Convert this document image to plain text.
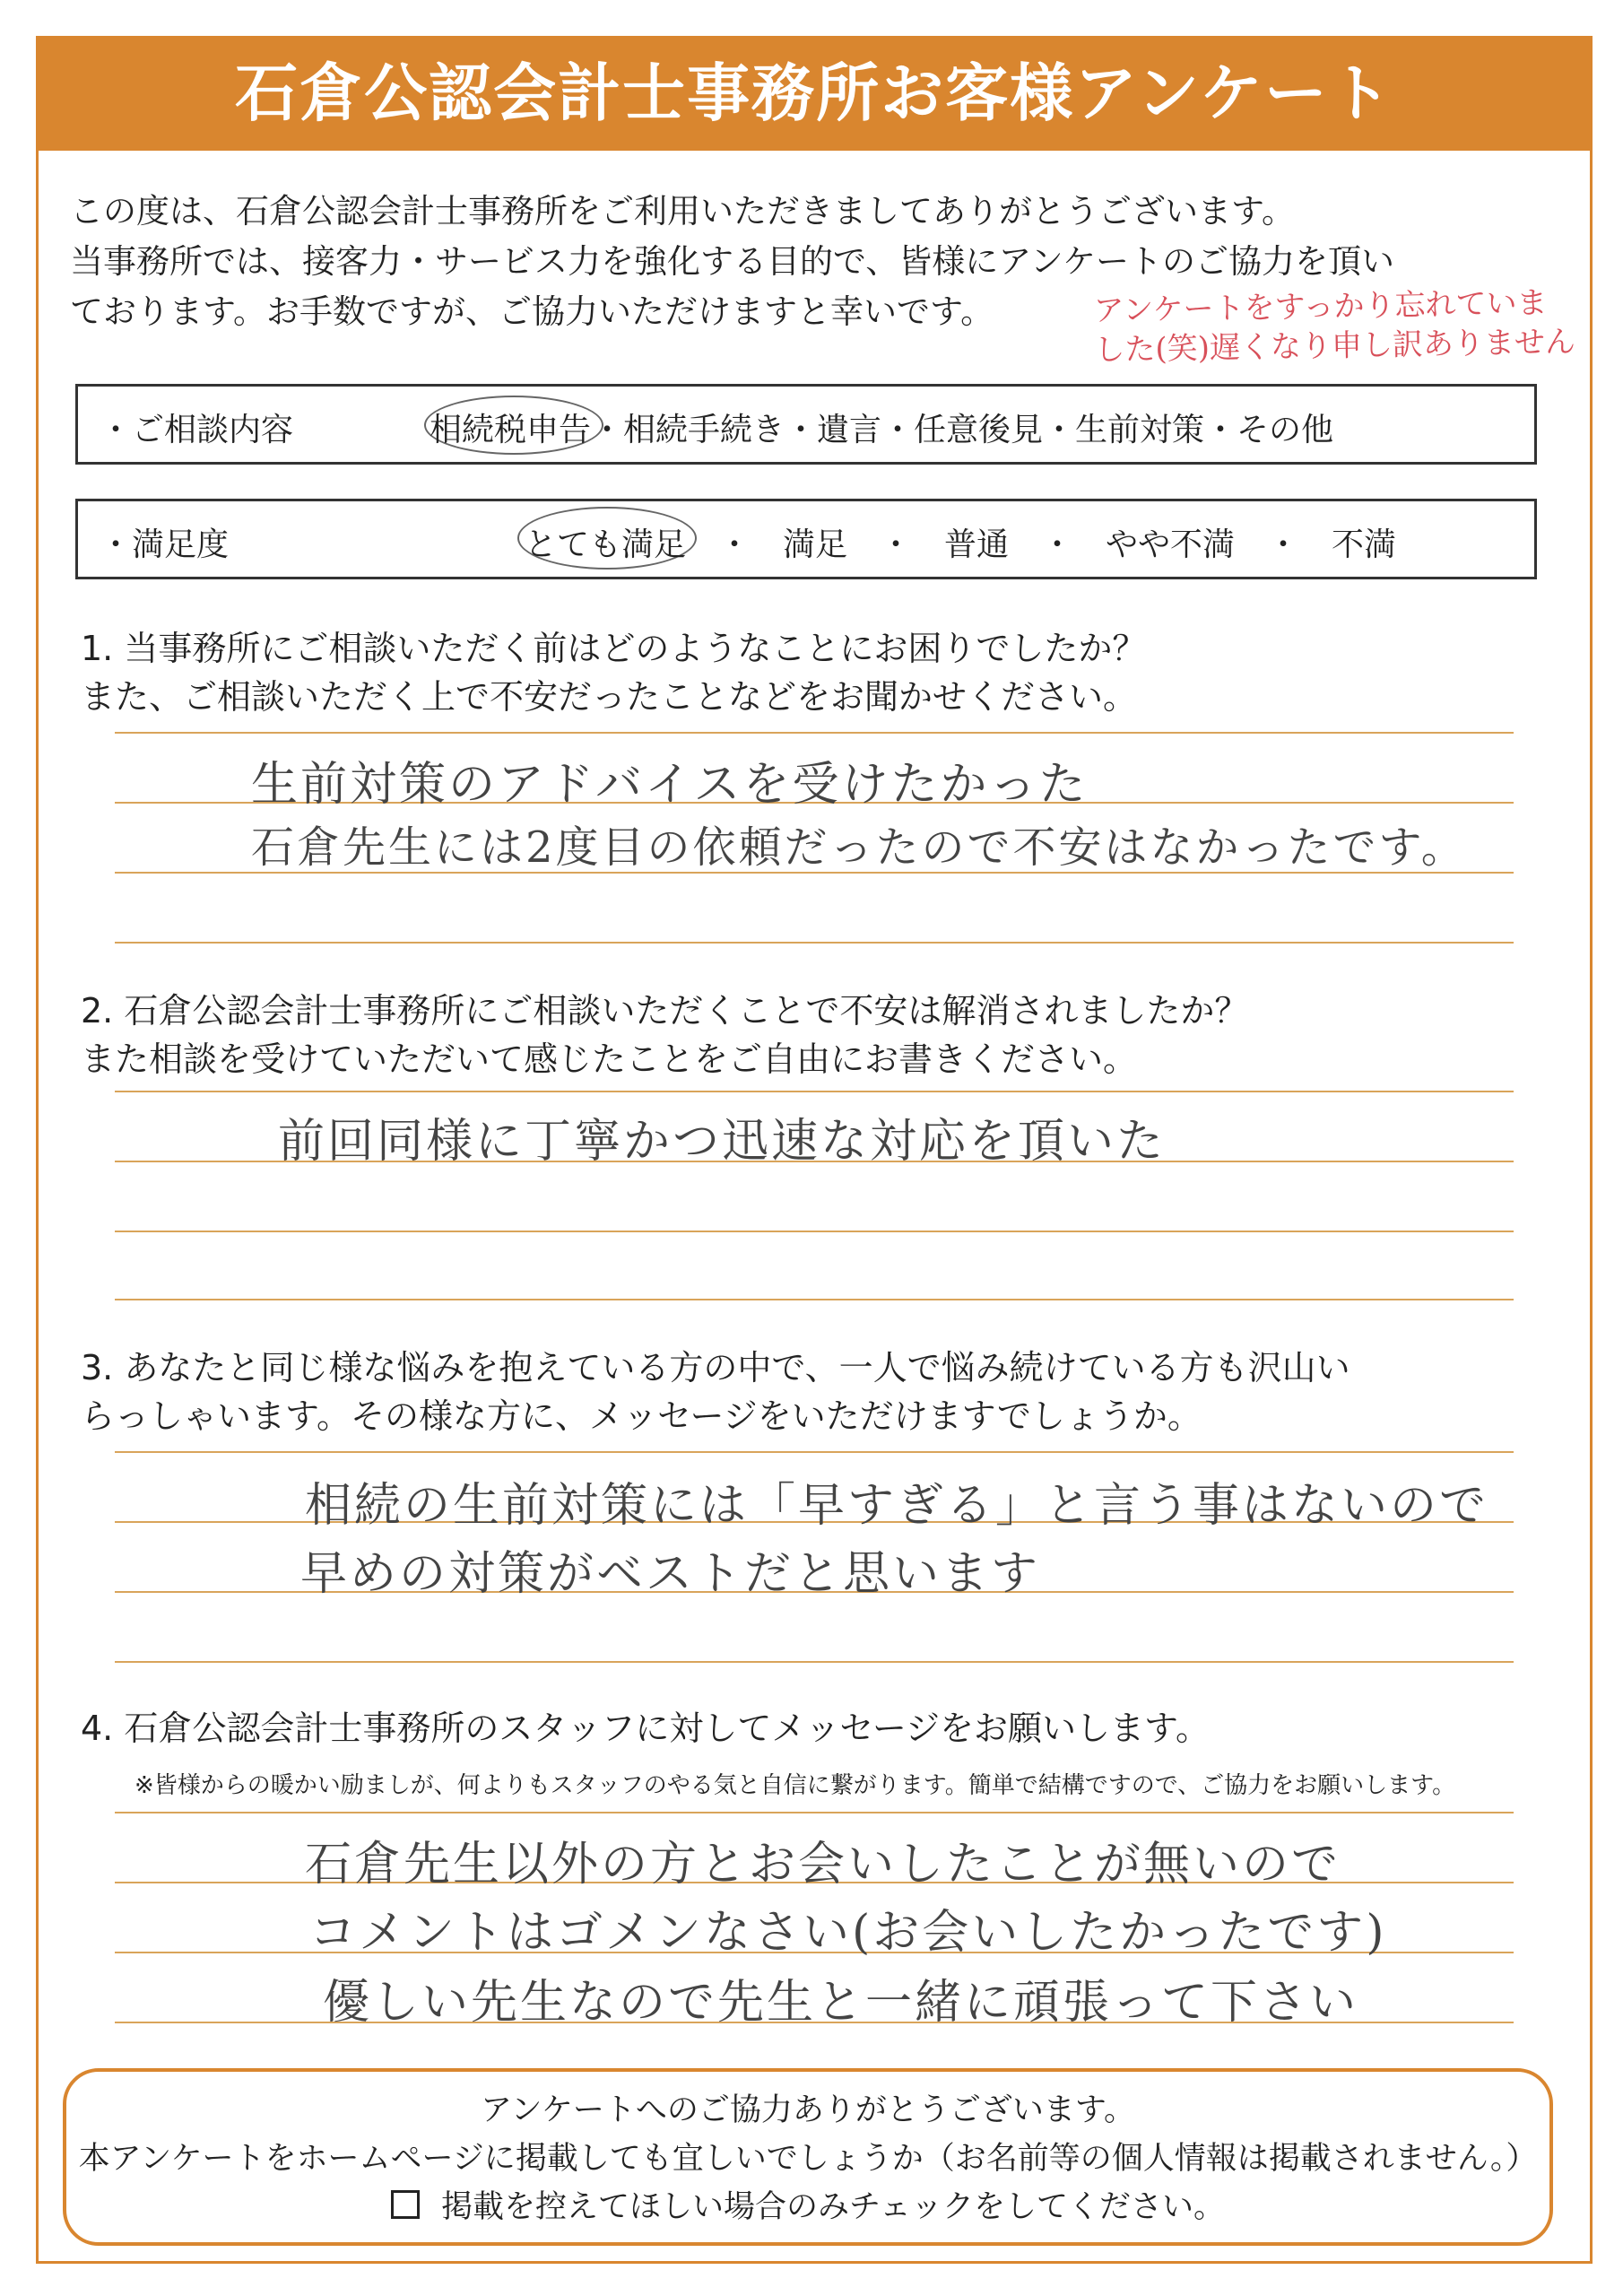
石倉公認会計士事務所お客様アンケート

この度は、石倉公認会計士事務所をご利用いただきましてありがとうございます。

当事務所では、接客力・サービス力を強化する目的で、皆様にアンケートのご協力を頂い

ております。お手数ですが、ご協力いただけますと幸いです。	アンケートをすっかり忘れていま
した(笑)遅くなり申し訳ありません
・ご相談内容	相続税申告・相続手続き・遺言・任意後見・生前対策・その他
・満足度	とても満足　・　満足　・　普通　・　やや不満　・　不満

1. 当事務所にご相談いただく前はどのようなことにお困りでしたか？

また、ご相談いただく上で不安だったことなどをお聞かせください。

生前対策のアドバイスを受けたかった
石倉先生には2度目の依頼だったので不安はなかったです。

2. 石倉公認会計士事務所にご相談いただくことで不安は解消されましたか？

また相談を受けていただいて感じたことをご自由にお書きください。

前回同様に丁寧かつ迅速な対応を頂いた

3. あなたと同じ様な悩みを抱えている方の中で、一人で悩み続けている方も沢山い

らっしゃいます。その様な方に、メッセージをいただけますでしょうか。

相続の生前対策には「早すぎる」と言う事はないので
早めの対策がベストだと思います

4. 石倉公認会計士事務所のスタッフに対してメッセージをお願いします。

※皆様からの暖かい励ましが、何よりもスタッフのやる気と自信に繋がります。簡単で結構ですので、ご協力をお願いします。
石倉先生以外の方とお会いしたことが無いので
コメントはゴメンなさい(お会いしたかったです)
優しい先生なので先生と一緒に頑張って下さい

アンケートへのご協力ありがとうございます。

本アンケートをホームページに掲載しても宜しいでしょうか（お名前等の個人情報は掲載されません。）

掲載を控えてほしい場合のみチェックをしてください。
